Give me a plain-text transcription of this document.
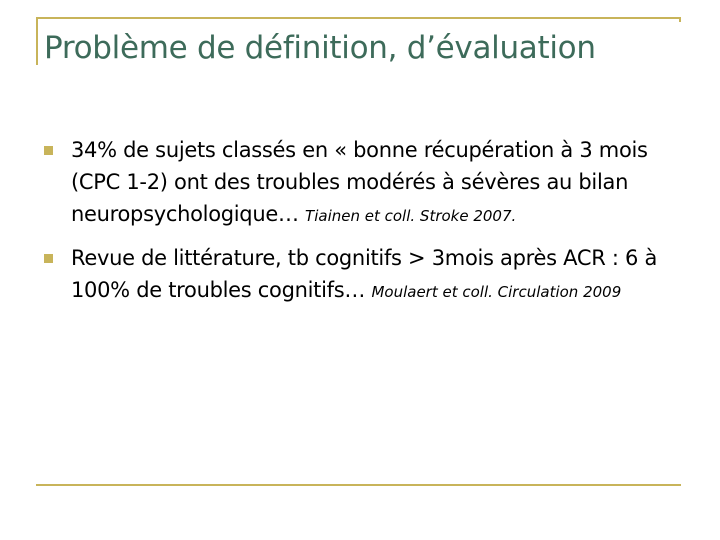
Problème de définition, d’évaluation
34% de sujets classés en « bonne récupération à 3 mois (CPC 1-2) ont des troubles modérés à sévères au bilan neuropsychologique… Tiainen et coll. Stroke 2007.
Revue de littérature, tb cognitifs > 3mois après ACR : 6 à 100% de troubles cognitifs… Moulaert et coll. Circulation 2009
